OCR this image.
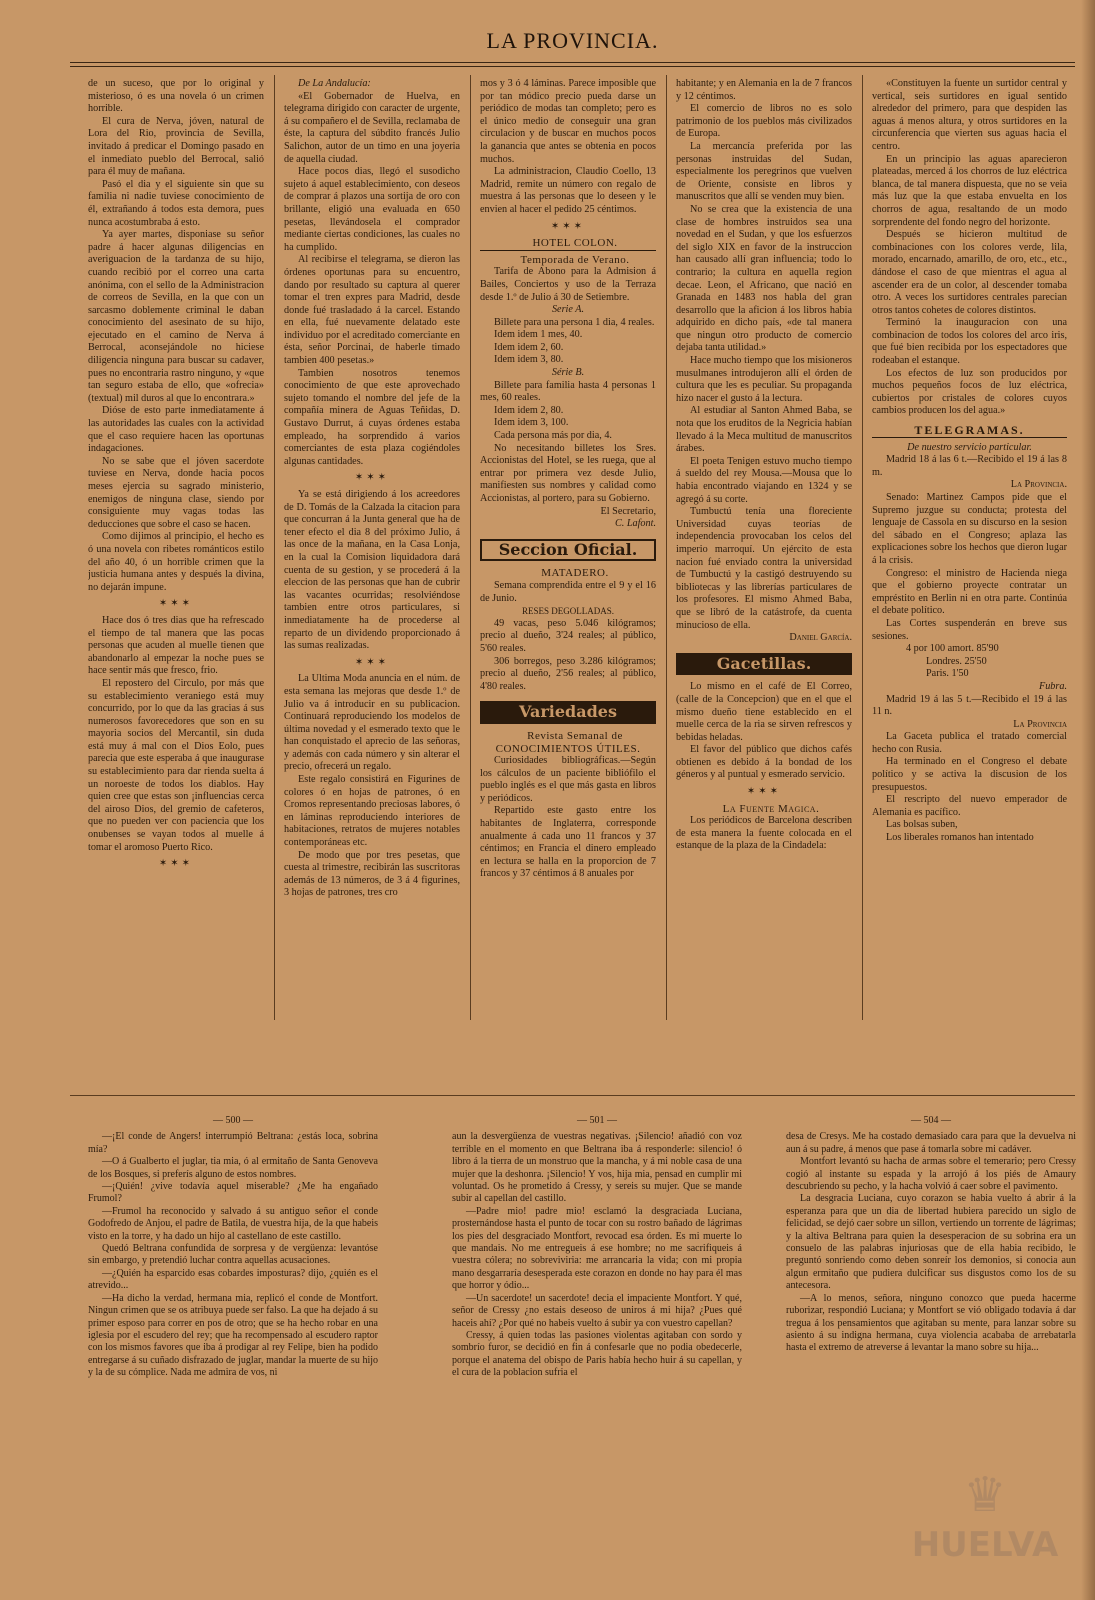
LA PROVINCIA.

de un suceso, que por lo original y misterioso, ó es una novela ó un crimen horrible.

El cura de Nerva, jóven, natural de Lora del Rio, provincia de Sevilla, invitado á predicar el Domingo pasado en el inmediato pueblo del Berrocal, salió para él muy de mañana.

Pasó el dia y el siguiente sin que su familia ni nadie tuviese conocimiento de él, extrañando á todos esta demora, pues nunca acostumbraba á esto.

Ya ayer martes, disponiase su señor padre á hacer algunas diligencias en averiguacion de la tardanza de su hijo, cuando recibió por el correo una carta anónima, con el sello de la Administracion de correos de Sevilla, en la que con un sarcasmo doblemente criminal le daban conocimiento del asesinato de su hijo, ejecutado en el camino de Nerva á Berrocal, aconsejándole no hiciese diligencia ninguna para buscar su cadaver, pues no encontraria rastro ninguno, y «que tan seguro estaba de ello, que «ofrecia» (textual) mil duros al que lo encontrara.»

Dióse de esto parte inmediatamente á las autoridades las cuales con la actividad que el caso requiere hacen las oportunas indagaciones.

No se sabe que el jóven sacerdote tuviese en Nerva, donde hacia pocos meses ejercia su sagrado ministerio, enemigos de ninguna clase, siendo por consiguiente muy vagas todas las deducciones que sobre el caso se hacen.

Como dijimos al principio, el hecho es ó una novela con ribetes románticos estilo del año 40, ó un horrible crimen que la justicia humana antes y después la divina, no dejarán impune.

✶✶✶

Hace dos ó tres dias que ha refrescado el tiempo de tal manera que las pocas personas que acuden al muelle tienen que abandonarlo al empezar la noche pues se hace sentir más que fresco, frio.

El repostero del Circulo, por más que su establecimiento veraniego está muy concurrido, por lo que da las gracias á sus numerosos favorecedores que son en su mayoria socios del Mercantil, sin duda está muy á mal con el Dios Eolo, pues parecia que este esperaba á que inaugurase su establecimiento para dar rienda suelta á un noroeste de todos los diablos. Hay quien cree que estas son ¡influencias cerca del airoso Dios, del gremio de cafeteros, que no pueden ver con paciencia que los onubenses se vayan todos al muelle á tomar el aromoso Puerto Rico.

✶✶✶

De La Andalucía:

«El Gobernador de Huelva, en telegrama dirigido con caracter de urgente, á su compañero el de Sevilla, reclamaba de éste, la captura del súbdito francés Julio Salichon, autor de un timo en una joyeria de aquella ciudad.

Hace pocos dias, llegó el susodicho sujeto á aquel establecimiento, con deseos de comprar á plazos una sortija de oro con brillante, eligió una evaluada en 650 pesetas, llevándosela el comprador mediante ciertas condiciones, las cuales no ha cumplido.

Al recibirse el telegrama, se dieron las órdenes oportunas para su encuentro, dando por resultado su captura al querer tomar el tren expres para Madrid, desde donde fué trasladado á la carcel. Estando en ella, fué nuevamente delatado este individuo por el acreditado comerciante en ésta, señor Porcinai, de haberle timado tambien 400 pesetas.»

Tambien nosotros tenemos conocimiento de que este aprovechado sujeto tomando el nombre del jefe de la compañía minera de Aguas Teñidas, D. Gustavo Durrut, á cuyas órdenes estaba empleado, ha sorprendido á varios comerciantes de esta plaza cogiéndoles algunas cantidades.

✶✶✶

Ya se está dirigiendo á los acreedores de D. Tomás de la Calzada la citacion para que concurran á la Junta general que ha de tener efecto el dia 8 del próximo Julio, á las once de la mañana, en la Casa Lonja, en la cual la Comision liquidadora dará cuenta de su gestion, y se procederá á la eleccion de las personas que han de cubrir las vacantes ocurridas; resolviéndose tambien entre otros particulares, si inmediatamente ha de procederse al reparto de un dividendo proporcionado á las sumas realizadas.

✶✶✶

La Ultima Moda anuncia en el núm. de esta semana las mejoras que desde 1.º de Julio va á introducir en su publicacion. Continuará reproduciendo los modelos de última novedad y el esmerado texto que le han conquistado el aprecio de las señoras, y además con cada número y sin alterar el precio, ofrecerá un regalo.

Este regalo consistirá en Figurines de colores ó en hojas de patrones, ó en Cromos representando preciosas labores, ó en láminas reproduciendo interiores de habitaciones, retratos de mujeres notables contemporáneas etc.

De modo que por tres pesetas, que cuesta al trimestre, recibirán las suscritoras además de 13 números, de 3 á 4 figurines, 3 hojas de patrones, tres cro

mos y 3 ó 4 láminas. Parece imposible que por tan módico precio pueda darse un periódico de modas tan completo; pero es el único medio de conseguir una gran circulacion y de buscar en muchos pocos la ganancia que antes se obtenia en pocos muchos.

La administracion, Claudio Coello, 13 Madrid, remite un número con regalo de muestra á las personas que lo deseen y le envien al hacer el pedido 25 céntimos.

✶✶✶

HOTEL COLON.

Temporada de Verano.

Tarifa de Abono para la Admision á Bailes, Conciertos y uso de la Terraza desde 1.º de Julio á 30 de Setiembre.

Serie A.

Billete para una persona 1 dia, 4 reales.

Idem idem 1 mes, 40.

Idem idem 2, 60.

Idem idem 3, 80.

Série B.

Billete para familia hasta 4 personas 1 mes, 60 reales.

Idem idem 2, 80.

Idem idem 3, 100.

Cada persona más por dia, 4.

No necesitando billetes los Sres. Accionistas del Hotel, se les ruega, que al entrar por primera vez desde Julio, manifiesten sus nombres y calidad como Accionistas, al portero, para su Gobierno.

El Secretario,

C. Lafont.

Seccion Oficial.

MATADERO.

Semana comprendida entre el 9 y el 16 de Junio.

RESES DEGOLLADAS.

49 vacas, peso 5.046 kilógramos; precio al dueño, 3'24 reales; al público, 5'60 reales.

306 borregos, peso 3.286 kilógramos; precio al dueño, 2'56 reales; al público, 4'80 reales.

Variedades

Revista Semanal de CONOCIMIENTOS ÚTILES.

Curiosidades bibliográficas.—Según los cálculos de un paciente bibliófilo el pueblo inglés es el que más gasta en libros y periódicos.

Repartido este gasto entre los habitantes de Inglaterra, corresponde anualmente á cada uno 11 francos y 37 céntimos; en Francia el dinero empleado en lectura se halla en la proporcion de 7 francos y 37 céntimos á 8 anuales por

habitante; y en Alemania en la de 7 francos y 12 céntimos.

El comercio de libros no es solo patrimonio de los pueblos más civilizados de Europa.

La mercancía preferida por las personas instruidas del Sudan, especialmente los peregrinos que vuelven de Oriente, consiste en libros y manuscritos que allí se venden muy bien.

No se crea que la existencia de una clase de hombres instruidos sea una novedad en el Sudan, y que los esfuerzos del siglo XIX en favor de la instruccion han causado allí gran influencia; todo lo contrario; la cultura en aquella region decae. Leon, el Africano, que nació en Granada en 1483 nos habla del gran desarrollo que la aficion á los libros habia adquirido en dicho país, «de tal manera que ningun otro producto de comercio dejaba tanta utilidad.»

Hace mucho tiempo que los misioneros musulmanes introdujeron allí el órden de cultura que les es peculiar. Su propaganda hizo nacer el gusto á la lectura.

Al estudiar al Santon Ahmed Baba, se nota que los eruditos de la Negricia habían llevado á la Meca multitud de manuscritos árabes.

El poeta Tenigen estuvo mucho tiempo á sueldo del rey Mousa.—Mousa que lo habia encontrado viajando en 1324 y se agregó á su corte.

Tumbuctú tenía una floreciente Universidad cuyas teorías de independencia provocaban los celos del imperio marroquí. Un ejército de esta nacion fué enviado contra la universidad de Tumbuctú y la castigó destruyendo su bibliotecas y las librerías particulares de los profesores. El mismo Ahmed Baba, que se libró de la catástrofe, da cuenta minucioso de ella.

Daniel García.

Gacetillas.

Lo mismo en el café de El Correo, (calle de la Concepcion) que en el que el mismo dueño tiene establecido en el muelle cerca de la ria se sirven refrescos y bebidas heladas.

El favor del público que dichos cafés obtienen es debido á la bondad de los géneros y al puntual y esmerado servicio.

✶✶✶

La Fuente Magica.

Los periódicos de Barcelona describen de esta manera la fuente colocada en el estanque de la plaza de la Cindadela:

«Constituyen la fuente un surtidor central y vertical, seis surtidores en igual sentido alrededor del primero, para que despiden las aguas á menos altura, y otros surtidores en la circunferencia que vierten sus aguas hacia el centro.

En un principio las aguas aparecieron plateadas, merced á los chorros de luz eléctrica blanca, de tal manera dispuesta, que no se veia más luz que la que estaba envuelta en los chorros de agua, resaltando de un modo sorprendente del fondo negro del horizonte.

Después se hicieron multitud de combinaciones con los colores verde, lila, morado, encarnado, amarillo, de oro, etc., etc., dándose el caso de que mientras el agua al ascender era de un color, al descender tomaba otro. A veces los surtidores centrales parecian otros tantos cohetes de colores distintos.

Terminó la inauguracion con una combinacion de todos los colores del arco iris, que fué bien recibida por los espectadores que rodeaban el estanque.

Los efectos de luz son producidos por muchos pequeños focos de luz eléctrica, cubiertos por cristales de colores cuyos cambios producen los del agua.»

TELEGRAMAS.

De nuestro servicio particular.

Madrid 18 á las 6 t.—Recibido el 19 á las 8 m.

La Provincia.

Senado: Martinez Campos pide que el Supremo juzgue su conducta; protesta del lenguaje de Cassola en su discurso en la sesion del sábado en el Congreso; aplaza las explicaciones sobre los hechos que dieron lugar á la crisis.

Congreso: el ministro de Hacienda niega que el gobierno proyecte contratar un empréstito en Berlin ni en otra parte. Continúa el debate político.

Las Cortes suspenderán en breve sus sesiones.

4 por 100 amort. 85'90

Londres. 25'50

Paris. 1'50

Fubra.

Madrid 19 á las 5 t.—Recibido el 19 á las 11 n.

La Provincia

La Gaceta publica el tratado comercial hecho con Rusia.

Ha terminado en el Congreso el debate político y se activa la discusion de los presupuestos.

El rescripto del nuevo emperador de Alemania es pacífico.

Las bolsas suben,

Los liberales romanos han intentado

— 500 —

—¡El conde de Angers! interrumpió Beltrana: ¿estás loca, sobrina mía?

—O á Gualberto el juglar, tia mia, ó al ermitaño de Santa Genoveva de los Bosques, si preferís alguno de estos nombres.

—¡Quién! ¿vive todavía aquel miserable? ¿Me ha engañado Frumol?

—Frumol ha reconocido y salvado á su antiguo señor el conde Godofredo de Anjou, el padre de Batila, de vuestra hija, de la que habeis visto en la torre, y ha dado un hijo al castellano de este castillo.

Quedó Beltrana confundida de sorpresa y de vergüenza: levantóse sin embargo, y pretendió luchar contra aquellas acusaciones.

—¿Quién ha esparcido esas cobardes imposturas? dijo, ¿quién es el atrevido...

—Ha dicho la verdad, hermana mia, replicó el conde de Montfort. Ningun crimen que se os atribuya puede ser falso. La que ha dejado á su primer esposo para correr en pos de otro; que se ha hecho robar en una iglesia por el escudero del rey; que ha recompensado al escudero raptor con los mismos favores que iba á prodigar al rey Felipe, bien ha podido entregarse á su cuñado disfrazado de juglar, mandar la muerte de su hijo y la de su cómplice. Nada me admira de vos, ni

— 501 —

aun la desvergüenza de vuestras negativas. ¡Silencio! añadió con voz terrible en el momento en que Beltrana iba á responderle: silencio! ó libro á la tierra de un monstruo que la mancha, y á mi noble casa de una mujer que la deshonra. ¡Silencio! Y vos, hija mia, pensad en cumplir mi voluntad. Os he prometido á Cressy, y sereis su mujer. Que se mande subir al capellan del castillo.

—Padre mio! padre mio! esclamó la desgraciada Luciana, prosternándose hasta el punto de tocar con su rostro bañado de lágrimas los pies del desgraciado Montfort, revocad esa órden. Es mi muerte lo que mandais. No me entregueis á ese hombre; no me sacrifiqueis á vuestra cólera; no sobreviviria: me arrancaria la vida; con mi propia mano desgarraría desesperada este corazon en donde no hay para él mas que horror y ódio...

—Un sacerdote! un sacerdote! decia el impaciente Montfort. Y qué, señor de Cressy ¿no estais deseoso de uniros á mi hija? ¿Pues qué haceis ahí? ¿Por qué no habeis vuelto á subir ya con vuestro capellan?

Cressy, á quien todas las pasiones violentas agitaban con sordo y sombrío furor, se decidió en fin á confesarle que no podia obedecerle, porque el anatema del obispo de Paris había hecho huir á su capellan, y el cura de la poblacion sufria el

— 504 —

desa de Cresys. Me ha costado demasiado cara para que la devuelva ni aun á su padre, á menos que pase á tomarla sobre mi cadáver.

Montfort levantó su hacha de armas sobre el temerario; pero Cressy cogió al instante su espada y la arrojó á los piés de Amaury descubriendo su pecho, y la hacha volvió á caer sobre el pavimento.

La desgracia Luciana, cuyo corazon se habia vuelto á abrir á la esperanza para que un dia de libertad hubiera parecido un siglo de felicidad, se dejó caer sobre un sillon, vertiendo un torrente de lágrimas; y la altiva Beltrana para quien la desesperacion de su sobrina era un consuelo de las palabras injuriosas que de ella habia recibido, le preguntó sonriendo como deben sonreír los demonios, si conocia aun algun ermitaño que pudiera dulcificar sus disgustos como los de su antecesora.

—A lo menos, señora, ninguno conozco que pueda hacerme ruborizar, respondió Luciana; y Montfort se vió obligado todavía á dar tregua á los pensamientos que agitaban su mente, para lanzar sobre su asiento á su indigna hermana, cuya violencia acababa de arrebatarla hasta el extremo de atreverse á levantar la mano sobre su hija...

♛
HUELVA
